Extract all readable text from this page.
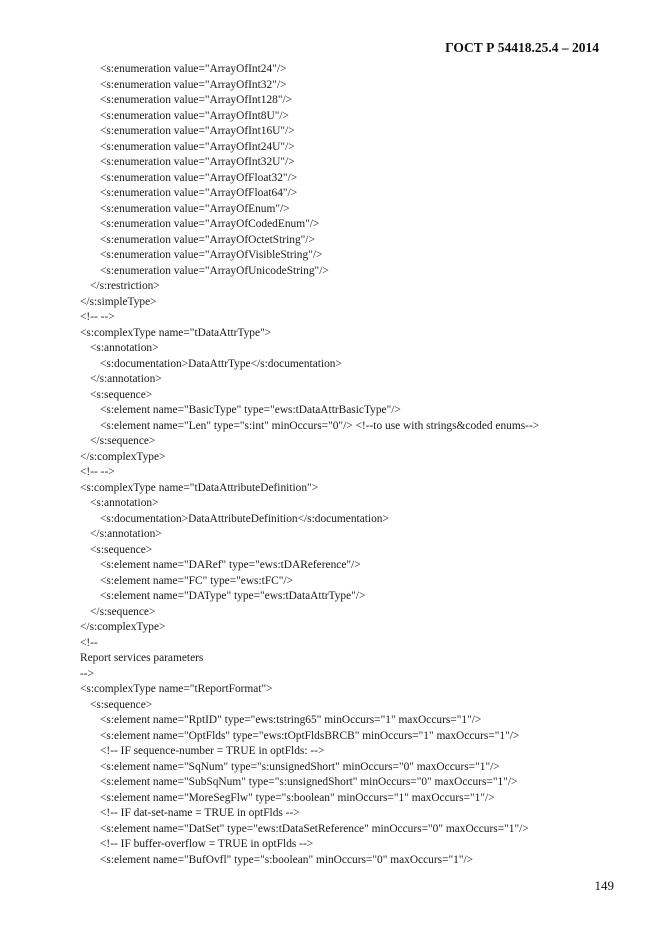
ГОСТ Р 54418.25.4 – 2014
<s:enumeration value="ArrayOfInt24"/>
<s:enumeration value="ArrayOfInt32"/>
<s:enumeration value="ArrayOfInt128"/>
<s:enumeration value="ArrayOfInt8U"/>
<s:enumeration value="ArrayOfInt16U"/>
<s:enumeration value="ArrayOfInt24U"/>
<s:enumeration value="ArrayOfInt32U"/>
<s:enumeration value="ArrayOfFloat32"/>
<s:enumeration value="ArrayOfFloat64"/>
<s:enumeration value="ArrayOfEnum"/>
<s:enumeration value="ArrayOfCodedEnum"/>
<s:enumeration value="ArrayOfOctetString"/>
<s:enumeration value="ArrayOfVisibleString"/>
<s:enumeration value="ArrayOfUnicodeString"/>
</s:restriction>
</s:simpleType>
<!-- -->
<s:complexType name="tDataAttrType">
<s:annotation>
<s:documentation>DataAttrType</s:documentation>
</s:annotation>
<s:sequence>
<s:element name="BasicType" type="ews:tDataAttrBasicType"/>
<s:element name="Len" type="s:int" minOccurs="0"/> <!--to use with strings&coded enums-->
</s:sequence>
</s:complexType>
<!-- -->
<s:complexType name="tDataAttributeDefinition">
<s:annotation>
<s:documentation>DataAttributeDefinition</s:documentation>
</s:annotation>
<s:sequence>
<s:element name="DARef" type="ews:tDAReference"/>
<s:element name="FC" type="ews:tFC"/>
<s:element name="DAType" type="ews:tDataAttrType"/>
</s:sequence>
</s:complexType>
<!--
Report services parameters
-->
<s:complexType name="tReportFormat">
<s:sequence>
<s:element name="RptID" type="ews:tstring65" minOccurs="1" maxOccurs="1"/>
<s:element name="OptFlds" type="ews:tOptFldsBRCB" minOccurs="1" maxOccurs="1"/>
<!-- IF sequence-number = TRUE in optFlds: -->
<s:element name="SqNum" type="s:unsignedShort" minOccurs="0" maxOccurs="1"/>
<s:element name="SubSqNum" type="s:unsignedShort" minOccurs="0" maxOccurs="1"/>
<s:element name="MoreSegFlw" type="s:boolean" minOccurs="1" maxOccurs="1"/>
<!-- IF dat-set-name = TRUE in optFlds -->
<s:element name="DatSet" type="ews:tDataSetReference" minOccurs="0" maxOccurs="1"/>
<!-- IF buffer-overflow = TRUE in optFlds -->
<s:element name="BufOvfl" type="s:boolean" minOccurs="0" maxOccurs="1"/>
149
